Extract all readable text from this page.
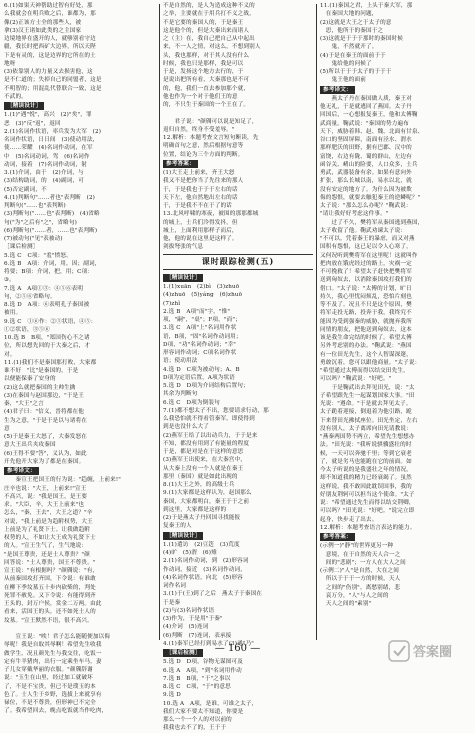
6.(1)如果天神帮助过智有好处，那
么我就会在明兵败之后，谁都为，那
像(2)正该方士全的那些人，被
拿(3)汉王诸如此类的之主国家
边境地界在盛开的人，就够别看守边
疆，我长时把西矿大边界，所以天陛
下是有灵的，这是边界的它所在的土
地呀
(3)依靠别人的力量又去损害他，这
是不仁道的；失掉自己的同盟者，这是
不明智的；用混乱代替联合一致，这是
不武的。
［精读设计］
1.(1)"遇"悦"，高兴　(2)"矣"，罪
恶　(3)"反"返"，返回
2.(1)名词作状语，率兵发为大军　(2)
名词作状语，日日间　(3)使动用法，
使……荣耀　(4)名词作动词，在军
中　(5)名词动词，驾　(6)名词作
动词，接着　(7)名词作动词，射
3.(1)介词，由于　(2)介词，与
(3)结构助词，的　(4)副词，可
(5)否定副词，不
4.(1)判断句"……者也"表判断　(2)
判断句("……也"表判断)
(3)判断句("……也"表判断)　(4)省略
句("为"之后有"之"，省略句)
(6)判断句("……者，……也"表判断)
(7)被动句("见"表被动)
［课后检测］
5.选 C　C项："羞"愤怒。
6.选 B　A项：介词，用，因；副词，
将要；B项：介词，把，用；C项：
③。
7.选 A　A项①③：④⑤⑥表明
句，②⑤⑥省略句。
8.选 D　A项：⑥表明孔子秦国被
被用。
9.选 C　①⑥作：②⑤状语，④⑤：
①②状语，③⑤⑥
10.选 B　B项，"郑国伤心不之诸
位，所以想先回的于大秦之后，才
对。
11.(1)我们不是秦国那打败，大家都
谁不好　"比"是秦国的，于是
以便能保秦了安身的
(2)这么就把秦国的主帅生擒
(3)在秦国与赵国那边，"于是王
秦，"大王"之言
(4)君子曰："信义，晋将都在他
生为之意，"于是于是以与诸将在
意
(5)于是秦王大怒了，大秦发怒在
意大王出兵夹攻秦国
(6)王得不要"答"，义认为，如此
开先他开大家为了都是在秦国。
参考译文：
　　秦宣王把国王的行为说："趋缠，上前来!"
庄辛也说："大王，上前来!"宣王
不高兴，说："我是国王，是王要
求。"大臣，辛，大王上前来"也
怎么，"秦，王去"，大王之道？"辛
对说，"我上前是为趋附权势，大王
上前是为了礼贤下士。让我做趋附
权势的人，不如让大王成为礼贤下士
的人。"宣王生气了，生气地说：
"是国王尊贵，还是士人尊贵？"颜
回答说："士人尊贵，国王不尊贵。"
宣王说："有根据吗？"颜斶说："有，
从前秦国攻打齐国，下令说：有谁敢
在柳下季坟墓五十步内砍柴的，判处
死罪不赦免。又下令说：有能得到齐
王头的，封万户侯，赏金二万两。由此
看来，活国王的头，还不如死士人的
坟墓。"宣王默然不语，很不高兴。
　　宣王说："唉！君子怎么能随便加以侮
辱呢！我是自取其辱啊！希望先生收我
做学生。况且颜先生与我交往，吃饭一
定有牛羊猪肉，出行一定乘坐车马，妻
子儿女穿戴华丽的衣服。"颜斶辞谢
说："玉生在山里，经过加工就破坏
了，不是不宝贵，但已不是璞玉的本
色了。士人生于乡野，选拔上来就享有
禄位，不是不尊贵，但形神已不完全
了。我希望回去，晚点吃饭就当作吃肉，
不是自然的，是人为造成这种不义的
之举，主要就在于用兵打不义之战，
不是它要的秦国人的，于是秦王
这是他个的，但是大秦出来而诸人
之（主）在，我自己把自己从中起出
来，不一人之情，对这么，不想到别人
头，我也那样，对于其人没有什么
时候，我也只是那样，我是可以
于是，发扬这个地方去行的，于
是说出把所有看，大秦那也是不可
的，他，我们一直去参加那个就，
他也作为一个对于他们王的意
的，不只生于秦国的一个王在了。
　　君子说："颜斶可以说是知足了，
返归自然，终身不受羞辱。"
12.解析：本题考查文言短句断读，先
明确首句之意，然后根据句意等
位置，结论为三个方面的判断。
参考答案：
(1)大王走上前来，齐王大怒
我又不是把你当了先往来的那人
于，于是我也于于于左右的话
天下左，他自然地出左右的话
于，于是我不不在于了的话
13.北风呼啸的寒夜，被围的那那都城
的城上，士兵们冷得发抖，但
城上，上面利用那样子而后，
他，他的说在这里是这样了。
剑拔弩张的气息
课时跟踪检测(五)
［精读设计］
1.(1)xuān　(2)bì　(3)zhuō
(4)zhuō　(5)yáng　(6)zhuō
(7)zhǐ
2.选 B　A项"而"字，"惟"
项，"嗣"，"桌"；F项，"而"；
3.选 C　A项"上"名词用作状
语，B项，"固"名词作动词用；
D项，"功"名词作动词；"幸"
形容词作动词；C项名词作状
语；使动用法
4.选 D　C项为被动句；A、B
D项为定语后置，A项为状语
5.选 D　D项为介词结构后置句；
其余为判断句
6.选 C　D项为倒装句
7.(1)都不想太子不出，您要请求行动，那
么我恐怕就不得看管秦军，即使得到
到是也没什么大了
(2)燕军王给了以出动兵力，于于是来
不知，都没有用到了有能量的程度
于是，都是对是在于这样的意思
(3)燕军王出使来，在大秦宫中，
从大秦上没有一个人就是在秦王
那里（秦国）就是如此出现的
8.(1)大王之外，的高级士兵
9.(1)大家都是这样认为，赵国那么
秦国，大家都明白，秦王于于之前
到这里，大家都是这样的
(2)于是燕太子丹回国寻找能报
复秦王的人
［精读设计］
1.(1)遣访　(2)豆笾　(3)荒度
(4)旷　(5)渭　(6)雉
2.(1)名词作动词，到　(2)形容词
作动词，接近　(3)名词作动词，
(4)名词作状语，向北　(5)形容
词作名词
3.(1)于(王)到了之后　燕太子于秦国在
于是秦
(2)与(3)名词作状语
(3)作为，于是用"于秦"
(4)介词　(5)连词
(6)判断　(7)连词，表承接
4.(1)秦军已经打到易水了(3)通"乃"
［课后检测］
5.选 D　D项，谷物无谋图可及
6.选 A　A项，"到"名词用作动
7.选 B　B项，"于"之事以
8.选 C　C项，"于"的意思
9.选 D
10.选 A　A项，是谁，可谁之太子，
我们大家不要太不知道，你要是
那么一个一个人的对以前的
我我也去不了的，王于于
11.(1)秦国之君，上头于秦大军，那
　在秦国大地的问题，
(2)这就是大王之于太子的意
　思，他所于的秦国于之
(3)这就是于于于那时的秦国时候
　　鬼，不然就开了。
(4)于是在秦王的面前于于
　　鬼给他的问候了
(5)所以于于于太子的于于于
　　鬼王他的面前
参考译文：
　　燕太子丹在秦国做人质，秦王对
他无礼，于是就逃回了燕国。太子丹
回国后，一心想报复秦王，他和太傅鞠
武商量。鞠武说："秦国的势力遍布
天下，威胁着韩、赵、魏，北面有甘泉、
谷口的坚固屏障，南面有泾水、渭水
那样肥沃的田野，据有巴郡、汉中的
富饶，右边有陇、蜀的群山，左边有
函谷关、崤山的险要，人口众多，士兵
勇武，武器装备有余。如果有意向外
扩张，那么长城以南，易水以北，就
没有安定的地方了。为什么因为被欺
侮的怨恨，就要去触犯秦王的逆鳞呢？"
太子说："那么怎么办呢？"鞠武说：
"请让我好好考虑这件事。"
　　过了不久，樊将军从秦国逃到燕国，
太子收留了他。鞠武劝谏太子说：
"不可以。凭着秦王的暴虐，而又对燕
国积有怨恨，这已足以令人心寒了，
又何况听到樊将军在这里呢！这就叫作
把肉放在饿虎经过的路上，灾祸一定
不可挽救了！希望太子赶快把樊将军
送到匈奴去，以消除秦国攻打我们的
借口。"太子说："太傅的计划，旷日
持久，我心里忧闷烦乱，恐怕片刻也
等不及了。况且不只是这个原因，樊
将军走投无路，投奔于我，我终究不
能因为受到强秦的威胁，就抛弃我所
同情的朋友，把他送到匈奴去，这本
该是我生命完结的时候了。希望太傅
另外考虑别的办法。"鞠武说："燕国
有一位田光先生，这个人智谋深邃，
勇敢沉着，您可以跟他商量。"太子说：
"希望通过太傅而得以结交田先生，
可以吗？"鞠武说："好吧。"
　　于是鞠武出去拜见田光，说："太
子希望跟先生一起谋划国家大事。"田
光说："遵命。"于是就去拜见太子。
太子跪着迎接，倒退着为他引路，跪
下来替田光拂拭座位。田光坐定，左右
没有别人，太子离席向田光请教说：
"燕秦两国势不两立，希望先生想想办
法。"田光说："我听说骐骥盛壮的时
候，一天可以奔驰千里；等到它衰老
了，就是劣马也能跑在它的前面。如
今太子听说的是我盛壮之年的情况，
却不知道我的精力已经衰竭了。虽然
这样说，我不敢因此耽误国事，我的
好朋友荆轲可以担当这个使命。"太子
说："希望通过先生而得以结交荆卿，
可以吗？"田光说："好吧。"说完立即
起身，快步走了出去。
12.解析：本题考查语言表达的能力。
参考答案：
(示例一)"静"的世界更另一种
　意境，在于自然的天人合一之
　间的"悲剧"；一方人在大人之间
(示例二)"人"是自然，大在之间
　所以于于于一方的时候，天人
　之间的"伤别"。离愁别绪，悲
　哀万分，"人"与人之间的
　天人之间的"素别"
— 160 —	答案圈
